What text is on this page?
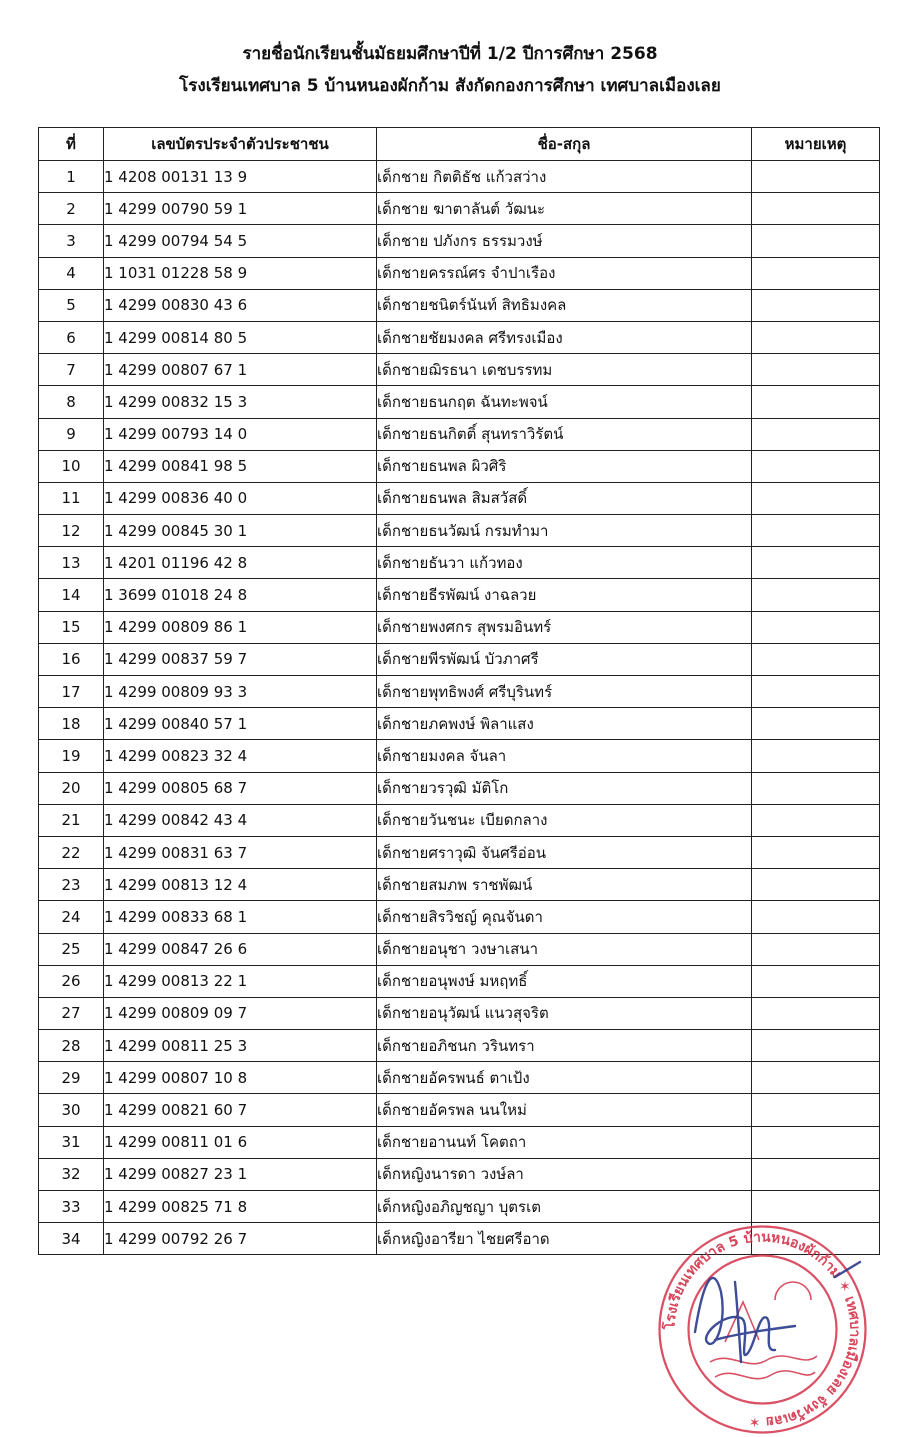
รายชื่อนักเรียนชั้นมัธยมศึกษาปีที่ 1/2 ปีการศึกษา 2568
โรงเรียนเทศบาล 5 บ้านหนองผักก้าม สังกัดกองการศึกษา เทศบาลเมืองเลย
ที่	เลขบัตรประจำตัวประชาชน	ชื่อ-สกุล	หมายเหตุ
1	1 4208 00131 13 9	เด็กชาย กิตติธัช แก้วสว่าง	
2	1 4299 00790 59 1	เด็กชาย ฆาตาลันต์ วัฒนะ	
3	1 4299 00794 54 5	เด็กชาย ปภังกร ธรรมวงษ์	
4	1 1031 01228 58 9	เด็กชายครรณ์ศร จำปาเรือง	
5	1 4299 00830 43 6	เด็กชายชนิตร์นันท์ สิทธิมงคล	
6	1 4299 00814 80 5	เด็กชายชัยมงคล ศรีทรงเมือง	
7	1 4299 00807 67 1	เด็กชายฌิรธนา เดชบรรทม	
8	1 4299 00832 15 3	เด็กชายธนกฤต ฉันทะพจน์	
9	1 4299 00793 14 0	เด็กชายธนกิตติ์ สุนทราวิรัตน์	
10	1 4299 00841 98 5	เด็กชายธนพล ผิวศิริ	
11	1 4299 00836 40 0	เด็กชายธนพล สิมสวัสดิ์	
12	1 4299 00845 30 1	เด็กชายธนวัฒน์ กรมทำมา	
13	1 4201 01196 42 8	เด็กชายธันวา แก้วทอง	
14	1 3699 01018 24 8	เด็กชายธีรพัฒน์ งาฉลวย	
15	1 4299 00809 86 1	เด็กชายพงศกร สุพรมอินทร์	
16	1 4299 00837 59 7	เด็กชายพีรพัฒน์ บัวภาศรี	
17	1 4299 00809 93 3	เด็กชายพุทธิพงศ์ ศรีบุรินทร์	
18	1 4299 00840 57 1	เด็กชายภคพงษ์ พิลาแสง	
19	1 4299 00823 32 4	เด็กชายมงคล จันลา	
20	1 4299 00805 68 7	เด็กชายวรวุฒิ มัติโก	
21	1 4299 00842 43 4	เด็กชายวันชนะ เบียดกลาง	
22	1 4299 00831 63 7	เด็กชายศราวุฒิ จันศรีอ่อน	
23	1 4299 00813 12 4	เด็กชายสมภพ ราชพัฒน์	
24	1 4299 00833 68 1	เด็กชายสิรวิชญ์ คุณจันดา	
25	1 4299 00847 26 6	เด็กชายอนุชา วงษาเสนา	
26	1 4299 00813 22 1	เด็กชายอนุพงษ์ มหฤทธิ์	
27	1 4299 00809 09 7	เด็กชายอนุวัฒน์ แนวสุจริต	
28	1 4299 00811 25 3	เด็กชายอภิชนก วรินทรา	
29	1 4299 00807 10 8	เด็กชายอัครพนธ์ ตาเป้ง	
30	1 4299 00821 60 7	เด็กชายอัครพล นนใหม่	
31	1 4299 00811 01 6	เด็กชายอานนท์ โคตถา	
32	1 4299 00827 23 1	เด็กหญิงนารดา วงษ์ลา	
33	1 4299 00825 71 8	เด็กหญิงอภิญชญา บุตรเต	
34	1 4299 00792 26 7	เด็กหญิงอารียา ไชยศรีอาด	
โรงเรียนเทศบาล 5 บ้านหนองผักก้าม ✶ เทศบาลเมืองเลย จังหวัดเลย ✶
